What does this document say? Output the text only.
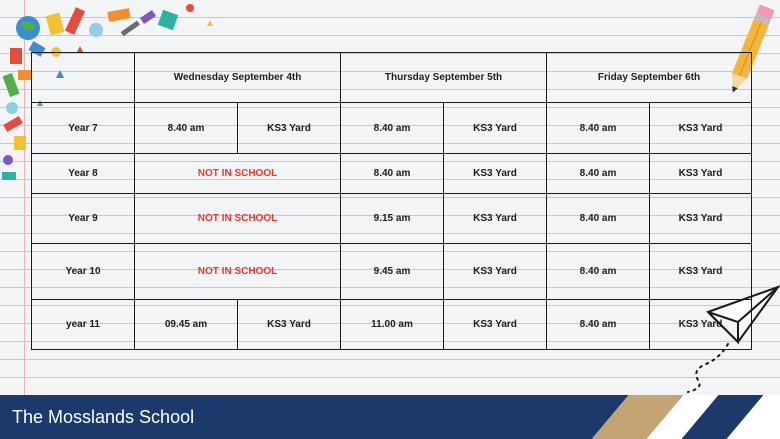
	Wednesday September 4th		Thursday September 5th		Friday September 6th	
Year 7	8.40 am	KS3 Yard	8.40 am	KS3 Yard	8.40 am	KS3 Yard
Year 8	NOT IN SCHOOL		8.40 am	KS3 Yard	8.40 am	KS3 Yard
Year 9	NOT IN SCHOOL		9.15 am	KS3 Yard	8.40 am	KS3 Yard
Year 10	NOT IN SCHOOL		9.45 am	KS3 Yard	8.40 am	KS3 Yard
year 11	09.45 am	KS3 Yard	11.00 am	KS3 Yard	8.40 am	KS3 Yard
The Mosslands School
